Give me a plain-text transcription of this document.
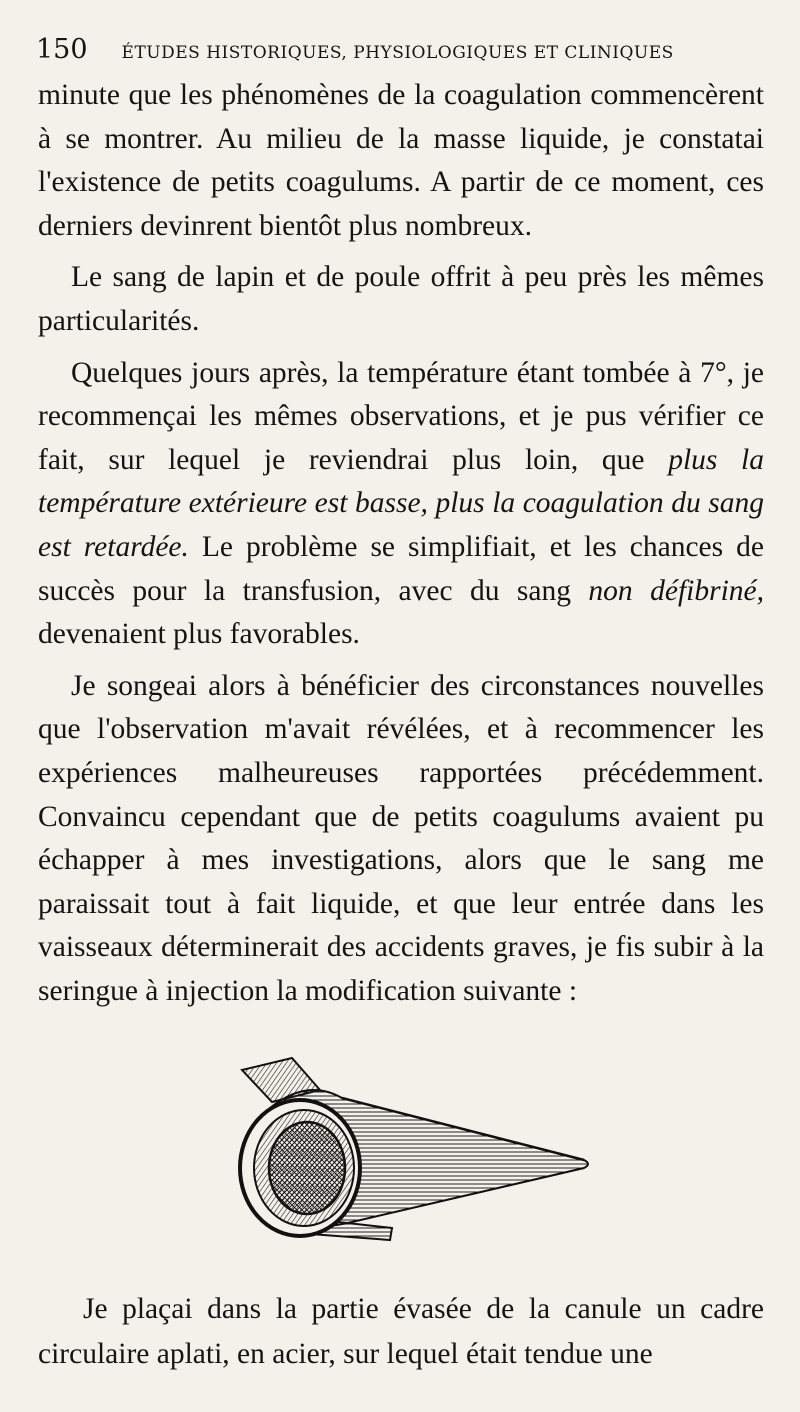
150 ÉTUDES HISTORIQUES, PHYSIOLOGIQUES ET CLINIQUES

minute que les phénomènes de la coagulation commencèrent à se montrer. Au milieu de la masse liquide, je constatai l'existence de petits coagulums. A partir de ce moment, ces derniers devinrent bientôt plus nombreux.

Le sang de lapin et de poule offrit à peu près les mêmes particularités.

Quelques jours après, la température étant tombée à 7°, je recommençai les mêmes observations, et je pus vérifier ce fait, sur lequel je reviendrai plus loin, que plus la température extérieure est basse, plus la coagulation du sang est retardée. Le problème se simplifiait, et les chances de succès pour la transfusion, avec du sang non défibriné, devenaient plus favorables.

Je songeai alors à bénéficier des circonstances nouvelles que l'observation m'avait révélées, et à recommencer les expériences malheureuses rapportées précédemment. Convaincu cependant que de petits coagulums avaient pu échapper à mes investigations, alors que le sang me paraissait tout à fait liquide, et que leur entrée dans les vaisseaux déterminerait des accidents graves, je fis subir à la seringue à injection la modification suivante :

Je plaçai dans la partie évasée de la canule un cadre circulaire aplati, en acier, sur lequel était tendue une
